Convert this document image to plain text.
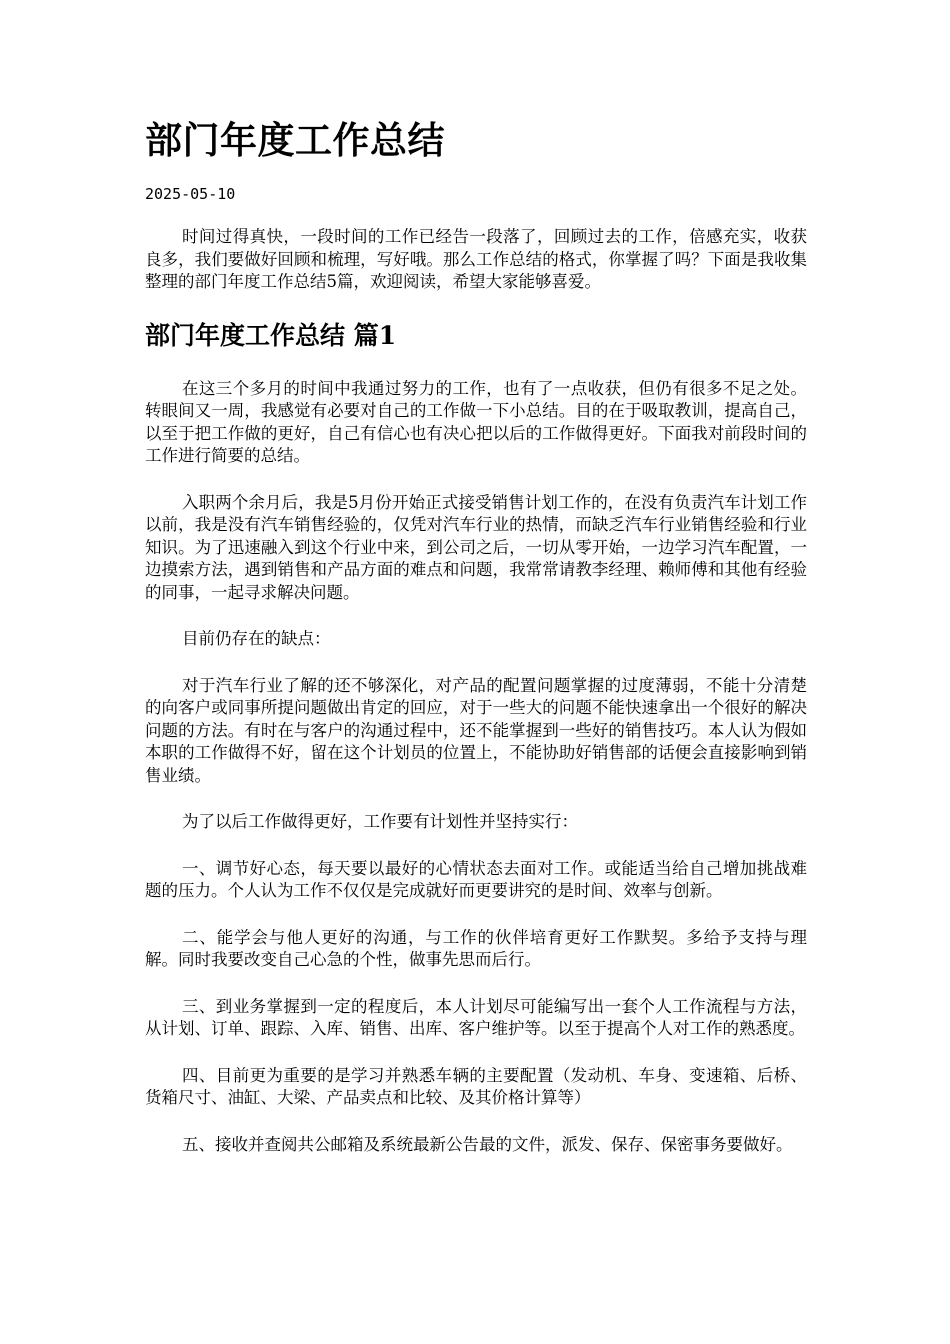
部门年度工作总结
2025-05-10

时间过得真快，一段时间的工作已经告一段落了，回顾过去的工作，倍感充实，收获良多，我们要做好回顾和梳理，写好哦。那么工作总结的格式，你掌握了吗？下面是我收集整理的部门年度工作总结5篇，欢迎阅读，希望大家能够喜爱。

部门年度工作总结 篇1

在这三个多月的时间中我通过努力的工作，也有了一点收获，但仍有很多不足之处。转眼间又一周，我感觉有必要对自己的工作做一下小总结。目的在于吸取教训，提高自己，以至于把工作做的更好，自己有信心也有决心把以后的工作做得更好。下面我对前段时间的工作进行简要的总结。

入职两个余月后，我是5月份开始正式接受销售计划工作的，在没有负责汽车计划工作以前，我是没有汽车销售经验的，仅凭对汽车行业的热情，而缺乏汽车行业销售经验和行业知识。为了迅速融入到这个行业中来，到公司之后，一切从零开始，一边学习汽车配置，一边摸索方法，遇到销售和产品方面的难点和问题，我常常请教李经理、赖师傅和其他有经验的同事，一起寻求解决问题。

目前仍存在的缺点：

对于汽车行业了解的还不够深化，对产品的配置问题掌握的过度薄弱，不能十分清楚的向客户或同事所提问题做出肯定的回应，对于一些大的问题不能快速拿出一个很好的解决问题的方法。有时在与客户的沟通过程中，还不能掌握到一些好的销售技巧。本人认为假如本职的工作做得不好，留在这个计划员的位置上，不能协助好销售部的话便会直接影响到销售业绩。

为了以后工作做得更好，工作要有计划性并坚持实行：

一、调节好心态，每天要以最好的心情状态去面对工作。或能适当给自己增加挑战难题的压力。个人认为工作不仅仅是完成就好而更要讲究的是时间、效率与创新。

二、能学会与他人更好的沟通，与工作的伙伴培育更好工作默契。多给予支持与理解。同时我要改变自己心急的个性，做事先思而后行。

三、到业务掌握到一定的程度后，本人计划尽可能编写出一套个人工作流程与方法，从计划、订单、跟踪、入库、销售、出库、客户维护等。以至于提高个人对工作的熟悉度。

四、目前更为重要的是学习并熟悉车辆的主要配置（发动机、车身、变速箱、后桥、货箱尺寸、油缸、大梁、产品卖点和比较、及其价格计算等）

五、接收并查阅共公邮箱及系统最新公告最的文件，派发、保存、保密事务要做好。
